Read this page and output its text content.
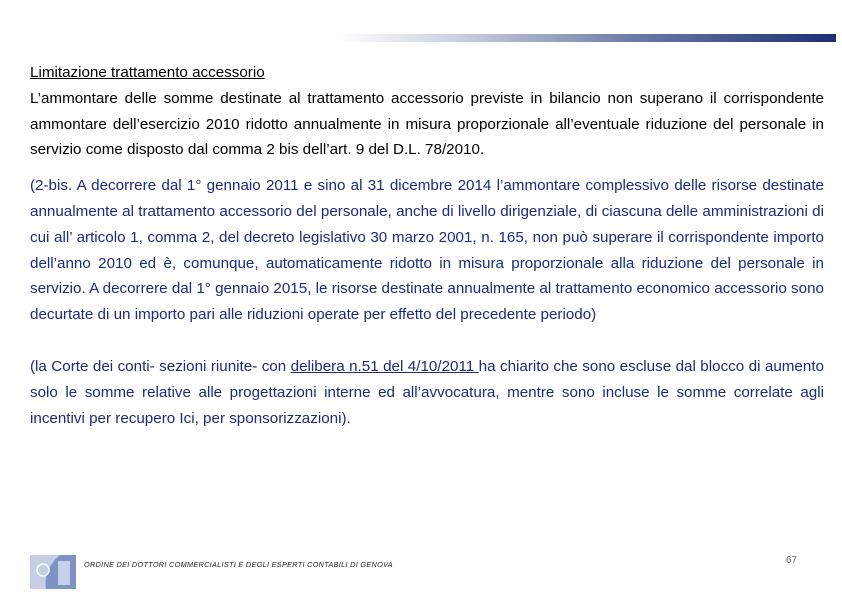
Limitazione trattamento accessorio

L’ammontare delle somme destinate al trattamento accessorio previste in bilancio non superano il corrispondente ammontare dell’esercizio 2010 ridotto annualmente in misura proporzionale all’eventuale riduzione del personale in servizio come disposto dal comma 2 bis dell’art. 9 del D.L. 78/2010.

(2-bis. A decorrere dal 1° gennaio 2011 e sino al 31 dicembre 2014 l’ammontare complessivo delle risorse destinate annualmente al trattamento accessorio del personale, anche di livello dirigenziale, di ciascuna delle amministrazioni di cui all’ articolo 1, comma 2, del decreto legislativo 30 marzo 2001, n. 165, non può superare il corrispondente importo dell’anno 2010 ed è, comunque, automaticamente ridotto in misura proporzionale alla riduzione del personale in servizio. A decorrere dal 1° gennaio 2015, le risorse destinate annualmente al trattamento economico accessorio sono decurtate di un importo pari alle riduzioni operate per effetto del precedente periodo)

(la Corte dei conti- sezioni riunite- con delibera n.51 del 4/10/2011 ha chiarito che sono escluse dal blocco di aumento solo le somme relative alle progettazioni interne ed all’avvocatura, mentre sono incluse le somme correlate agli incentivi per recupero Ici, per sponsorizzazioni).

ORDINE DEI DOTTORI COMMERCIALISTI E DEGLI ESPERTI CONTABILI DI GENOVA	67
